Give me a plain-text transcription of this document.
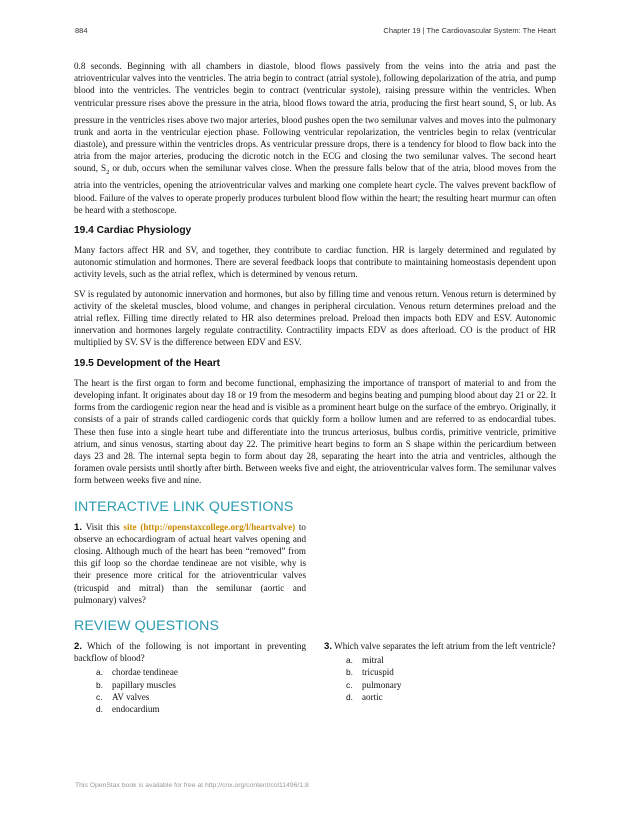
884	Chapter 19 | The Cardiovascular System: The Heart

0.8 seconds. Beginning with all chambers in diastole, blood flows passively from the veins into the atria and past the atrioventricular valves into the ventricles. The atria begin to contract (atrial systole), following depolarization of the atria, and pump blood into the ventricles. The ventricles begin to contract (ventricular systole), raising pressure within the ventricles. When ventricular pressure rises above the pressure in the atria, blood flows toward the atria, producing the first heart sound, $S_1$ or lub. As pressure in the ventricles rises above two major arteries, blood pushes open the two semilunar valves and moves into the pulmonary trunk and aorta in the ventricular ejection phase. Following ventricular repolarization, the ventricles begin to relax (ventricular diastole), and pressure within the ventricles drops. As ventricular pressure drops, there is a tendency for blood to flow back into the atria from the major arteries, producing the dicrotic notch in the ECG and closing the two semilunar valves. The second heart sound, $S_2$ or dub, occurs when the semilunar valves close. When the pressure falls below that of the atria, blood moves from the atria into the ventricles, opening the atrioventricular valves and marking one complete heart cycle. The valves prevent backflow of blood. Failure of the valves to operate properly produces turbulent blood flow within the heart; the resulting heart murmur can often be heard with a stethoscope.

19.4 Cardiac Physiology

Many factors affect HR and SV, and together, they contribute to cardiac function. HR is largely determined and regulated by autonomic stimulation and hormones. There are several feedback loops that contribute to maintaining homeostasis dependent upon activity levels, such as the atrial reflex, which is determined by venous return.

SV is regulated by autonomic innervation and hormones, but also by filling time and venous return. Venous return is determined by activity of the skeletal muscles, blood volume, and changes in peripheral circulation. Venous return determines preload and the atrial reflex. Filling time directly related to HR also determines preload. Preload then impacts both EDV and ESV. Autonomic innervation and hormones largely regulate contractility. Contractility impacts EDV as does afterload. CO is the product of HR multiplied by SV. SV is the difference between EDV and ESV.

19.5 Development of the Heart

The heart is the first organ to form and become functional, emphasizing the importance of transport of material to and from the developing infant. It originates about day 18 or 19 from the mesoderm and begins beating and pumping blood about day 21 or 22. It forms from the cardiogenic region near the head and is visible as a prominent heart bulge on the surface of the embryo. Originally, it consists of a pair of strands called cardiogenic cords that quickly form a hollow lumen and are referred to as endocardial tubes. These then fuse into a single heart tube and differentiate into the truncus arteriosus, bulbus cordis, primitive ventricle, primitive atrium, and sinus venosus, starting about day 22. The primitive heart begins to form an S shape within the pericardium between days 23 and 28. The internal septa begin to form about day 28, separating the heart into the atria and ventricles, although the foramen ovale persists until shortly after birth. Between weeks five and eight, the atrioventricular valves form. The semilunar valves form between weeks five and nine.

INTERACTIVE LINK QUESTIONS
1. Visit this site (http://openstaxcollege.org/l/heartvalve) to observe an echocardiogram of actual heart valves opening and closing. Although much of the heart has been “removed” from this gif loop so the chordae tendineae are not visible, why is their presence more critical for the atrioventricular valves (tricuspid and mitral) than the semilunar (aortic and pulmonary) valves?
REVIEW QUESTIONS
2. Which of the following is not important in preventing backflow of blood?
a. chordae tendineae
b. papillary muscles
c. AV valves
d. endocardium
3. Which valve separates the left atrium from the left ventricle?
a. mitral
b. tricuspid
c. pulmonary
d. aortic
This OpenStax book is available for free at http://cnx.org/content/col11496/1.8
